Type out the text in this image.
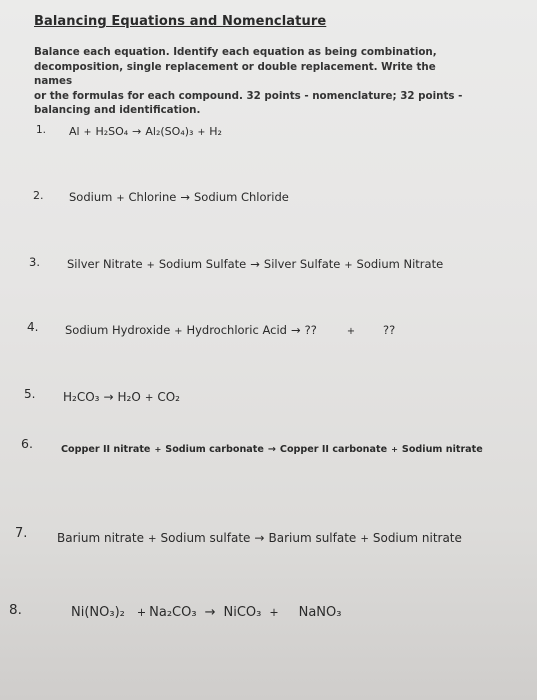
Balancing Equations and Nomenclature
Balance each equation. Identify each equation as being combination,
decomposition, single replacement or double replacement. Write the names
or the formulas for each compound. 32 points - nomenclature; 32 points -
balancing and identification.
1. Al + H₂SO₄ → Al₂(SO₄)₃ + H₂
2. Sodium + Chlorine → Sodium Chloride
3. Silver Nitrate + Sodium Sulfate → Silver Sulfate + Sodium Nitrate
4. Sodium Hydroxide + Hydrochloric Acid → ??	+ ??
5. H₂CO₃ → H₂O + CO₂
6.	Copper II nitrate + Sodium carbonate → Copper II carbonate + Sodium nitrate
7. Barium nitrate + Sodium sulfate → Barium sulfate + Sodium nitrate
8.	Ni(NO₃)₂ + Na₂CO₃ → NiCO₃ + NaNO₃
